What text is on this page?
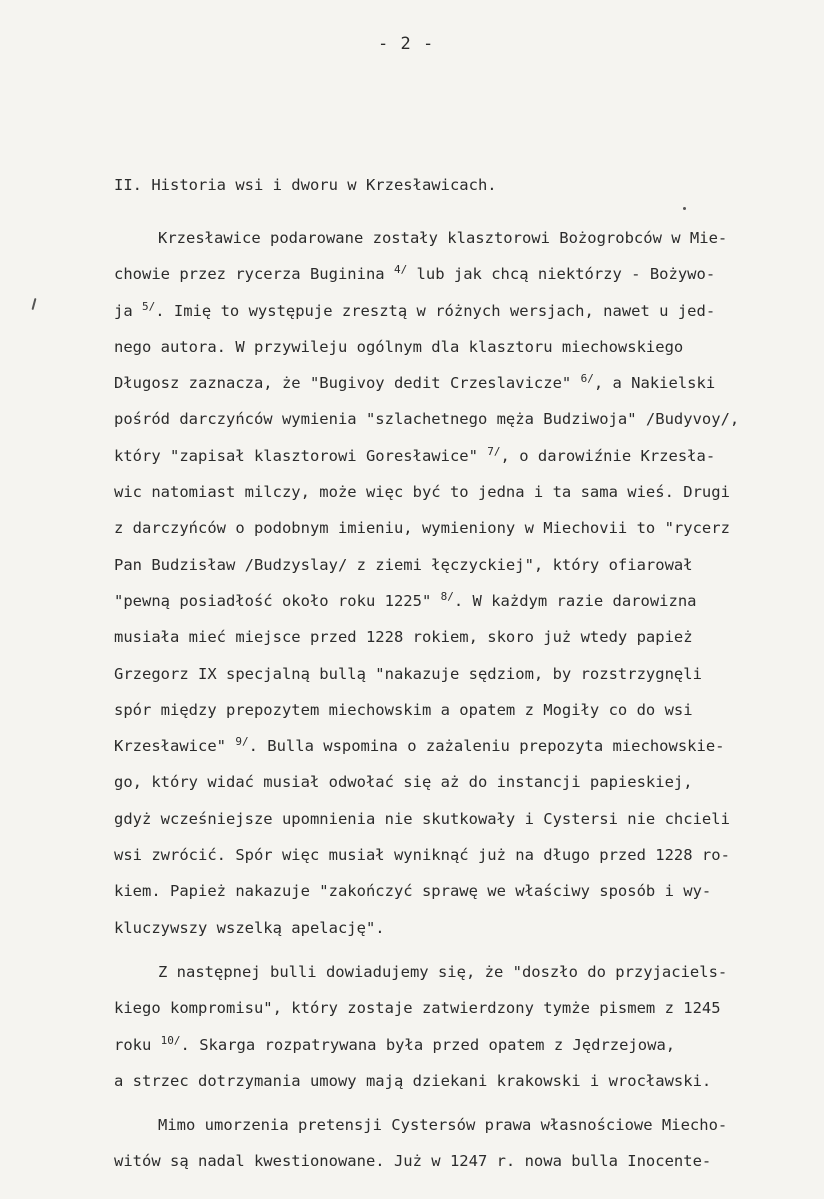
- 2 -
II. Historia wsi i dworu w Krzesławicach.
Krzesławice podarowane zostały klasztorowi Bożogrobców w Mie-
chowie przez rycerza Buginina $^{4/}$ lub jak chcą niektórzy - Bożywo-
ja $^{5/}$. Imię to występuje zresztą w różnych wersjach, nawet u jed-
nego autora. W przywileju ogólnym dla klasztoru miechowskiego
Długosz zaznacza, że "Bugivoy dedit Crzeslavicze" $^{6/}$, a Nakielski
pośród darczyńców wymienia "szlachetnego męża Budziwoja" /Budyvoy/,
który "zapisał klasztorowi Goresławice" $^{7/}$, o darowiźnie Krzesła-
wic natomiast milczy, może więc być to jedna i ta sama wieś. Drugi
z darczyńców o podobnym imieniu, wymieniony w Miechovii to "rycerz
Pan Budzisław /Budzyslay/ z ziemi łęczyckiej", który ofiarował
"pewną posiadłość około roku 1225" $^{8/}$. W każdym razie darowizna
musiała mieć miejsce przed 1228 rokiem, skoro już wtedy papież
Grzegorz IX specjalną bullą "nakazuje sędziom, by rozstrzygnęli
spór między prepozytem miechowskim a opatem z Mogiły co do wsi
Krzesławice" $^{9/}$. Bulla wspomina o zażaleniu prepozyta miechowskie-
go, który widać musiał odwołać się aż do instancji papieskiej,
gdyż wcześniejsze upomnienia nie skutkowały i Cystersi nie chcieli
wsi zwrócić. Spór więc musiał wyniknąć już na długo przed 1228 ro-
kiem. Papież nakazuje "zakończyć sprawę we właściwy sposób i wy-
kluczywszy wszelką apelację".
Z następnej bulli dowiadujemy się, że "doszło do przyjaciels-
kiego kompromisu", który zostaje zatwierdzony tymże pismem z 1245
roku $^{10/}$. Skarga rozpatrywana była przed opatem z Jędrzejowa,
a strzec dotrzymania umowy mają dziekani krakowski i wrocławski.
Mimo umorzenia pretensji Cystersów prawa własnościowe Miecho-
witów są nadal kwestionowane. Już w 1247 r. nowa bulla Inocente-
